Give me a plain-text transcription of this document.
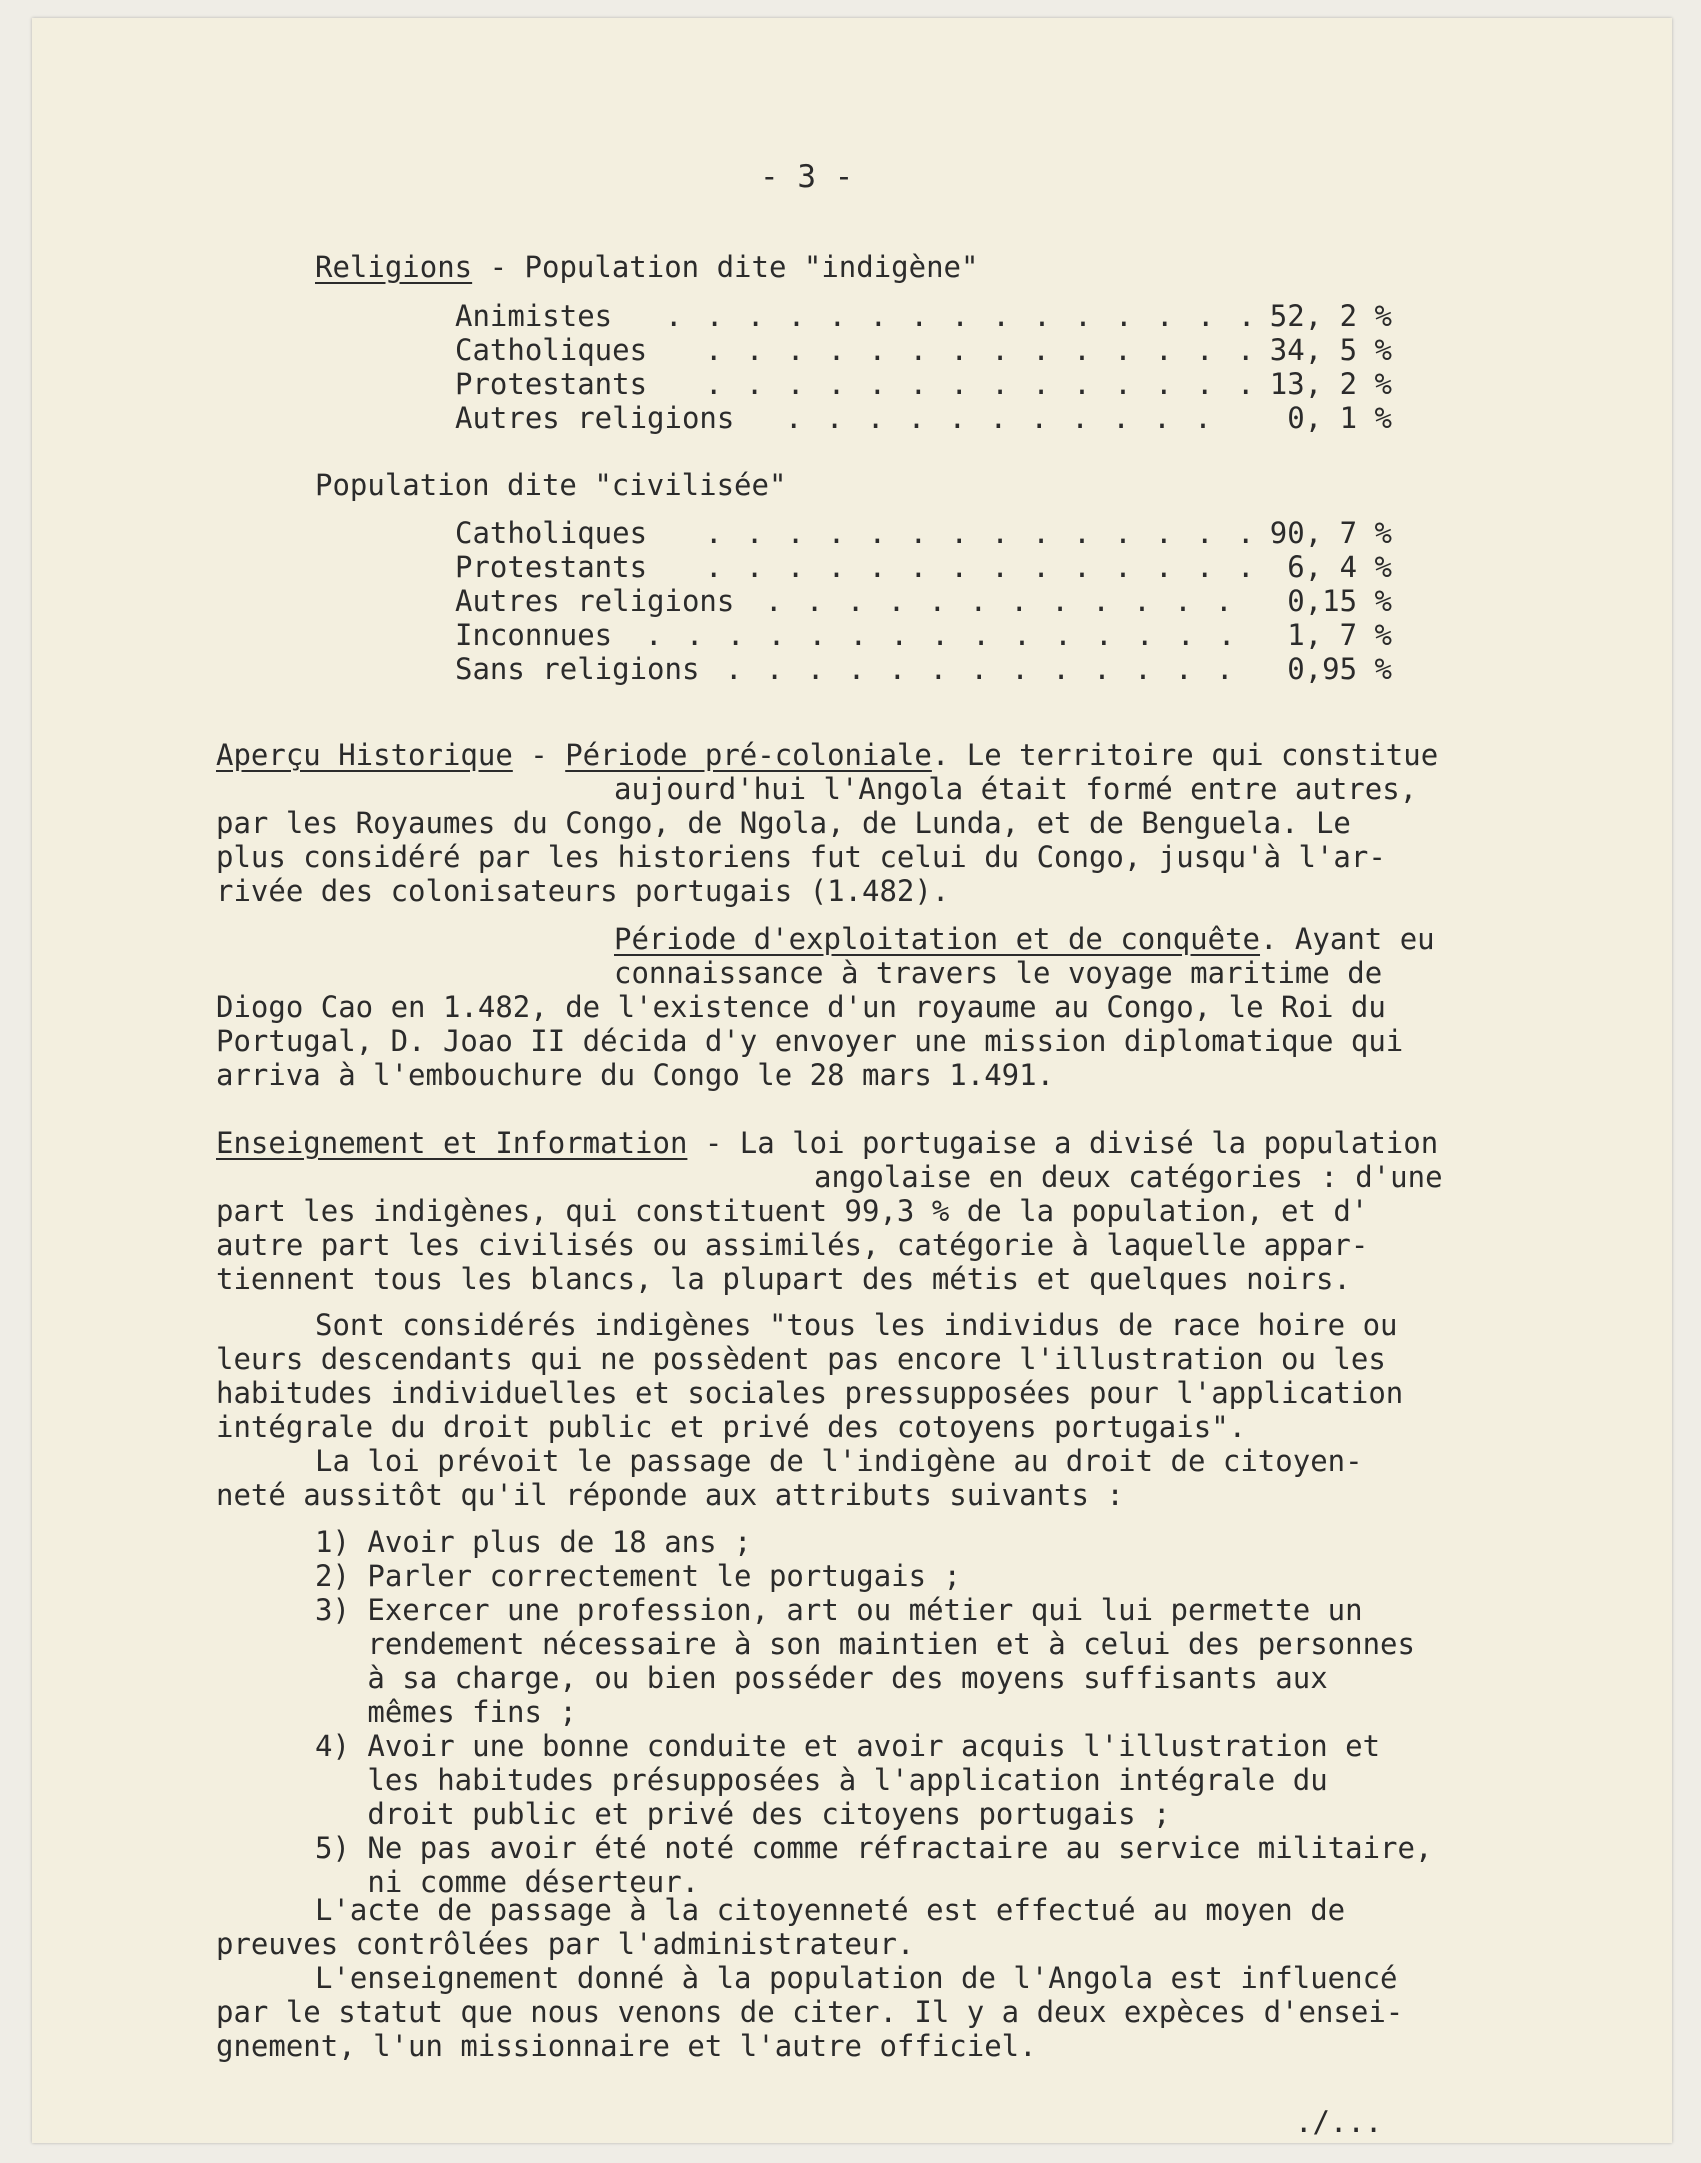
- 3 -
Religions - Population dite "indigène"
Animistes . . . . . . . . . . . . . . . 52, 2 %
Catholiques . . . . . . . . . . . . . . 34, 5 %
Protestants . . . . . . . . . . . . . . 13, 2 %
Autres religions . . . . . . . . . . .	0, 1 %
Population dite "civilisée"
Catholiques . . . . . . . . . . . . . . 90, 7 %
Protestants . . . . . . . . . . . . . .	6, 4 %
Autres religions . . . . . . . . . . . .	0,15 %
Inconnues . . . . . . . . . . . . . . .	1, 7 %
Sans religions . . . . . . . . . . . . .	0,95 %
Aperçu Historique - Période pré-coloniale. Le territoire qui constitue
aujourd'hui l'Angola était formé entre autres,
par les Royaumes du Congo, de Ngola, de Lunda, et de Benguela. Le
plus considéré par les historiens fut celui du Congo, jusqu'à l'ar-
rivée des colonisateurs portugais (1.482).
Période d'exploitation et de conquête. Ayant eu
connaissance à travers le voyage maritime de
Diogo Cao en 1.482, de l'existence d'un royaume au Congo, le Roi du
Portugal, D. Joao II décida d'y envoyer une mission diplomatique qui
arriva à l'embouchure du Congo le 28 mars 1.491.
Enseignement et Information - La loi portugaise a divisé la population
angolaise en deux catégories : d'une
part les indigènes, qui constituent 99,3 % de la population, et d'
autre part les civilisés ou assimilés, catégorie à laquelle appar-
tiennent tous les blancs, la plupart des métis et quelques noirs.
Sont considérés indigènes "tous les individus de race hoire ou
leurs descendants qui ne possèdent pas encore l'illustration ou les
habitudes individuelles et sociales pressupposées pour l'application
intégrale du droit public et privé des cotoyens portugais".
La loi prévoit le passage de l'indigène au droit de citoyen-
neté aussitôt qu'il réponde aux attributs suivants :
1) Avoir plus de 18 ans ;
2) Parler correctement le portugais ;
3) Exercer une profession, art ou métier qui lui permette un
rendement nécessaire à son maintien et à celui des personnes
à sa charge, ou bien posséder des moyens suffisants aux
mêmes fins ;
4) Avoir une bonne conduite et avoir acquis l'illustration et
les habitudes présupposées à l'application intégrale du
droit public et privé des citoyens portugais ;
5) Ne pas avoir été noté comme réfractaire au service militaire,
ni comme déserteur.
L'acte de passage à la citoyenneté est effectué au moyen de
preuves contrôlées par l'administrateur.
L'enseignement donné à la population de l'Angola est influencé
par le statut que nous venons de citer. Il y a deux expèces d'ensei-
gnement, l'un missionnaire et l'autre officiel.
./...
